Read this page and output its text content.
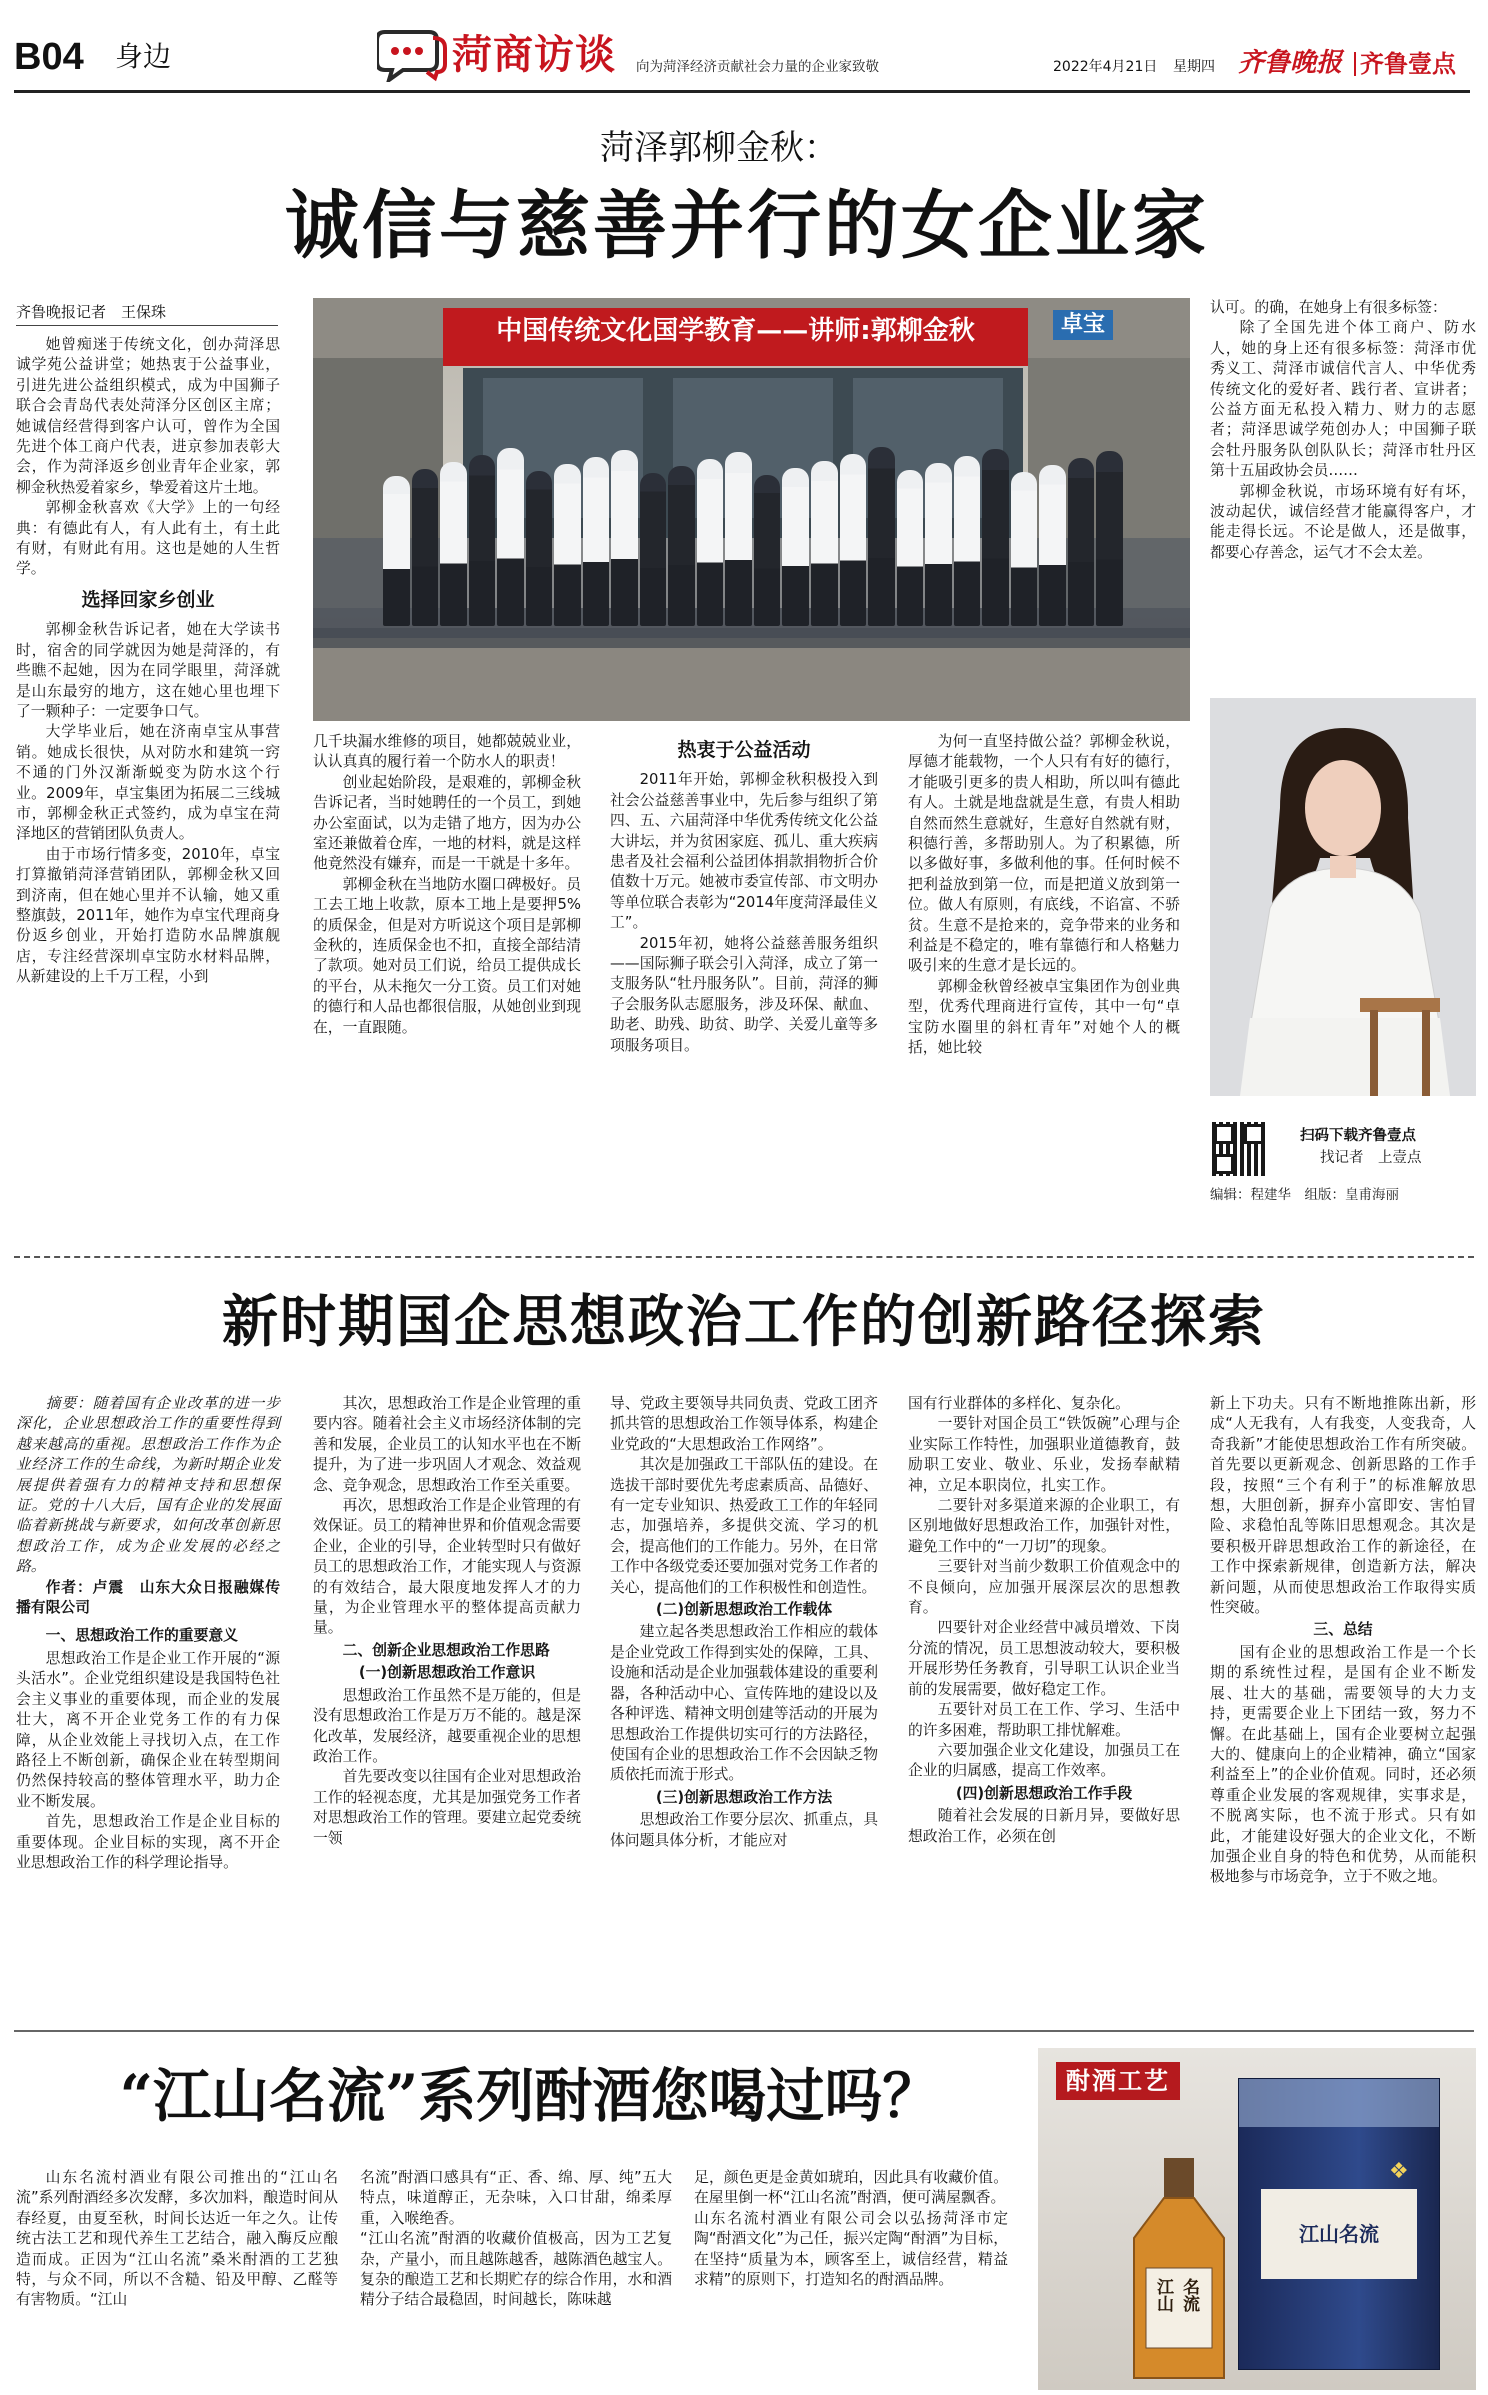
B04 身边	菏商访谈 向为菏泽经济贡献社会力量的企业家致敬	2022年4月21日 星期四 齐鲁晚报 齐鲁壹点
菏泽郭柳金秋：
诚信与慈善并行的女企业家
齐鲁晚报记者　王保珠
中国传统文化国学教育——讲师:郭柳金秋	卓宝

她曾痴迷于传统文化，创办菏泽思诚学苑公益讲堂；她热衷于公益事业，引进先进公益组织模式，成为中国狮子联合会青岛代表处菏泽分区创区主席；她诚信经营得到客户认可，曾作为全国先进个体工商户代表，进京参加表彰大会，作为菏泽返乡创业青年企业家，郭柳金秋热爱着家乡，挚爱着这片土地。

郭柳金秋喜欢《大学》上的一句经典：有德此有人，有人此有土，有土此有财，有财此有用。这也是她的人生哲学。

选择回家乡创业

郭柳金秋告诉记者，她在大学读书时，宿舍的同学就因为她是菏泽的，有些瞧不起她，因为在同学眼里，菏泽就是山东最穷的地方，这在她心里也埋下了一颗种子：一定要争口气。

大学毕业后，她在济南卓宝从事营销。她成长很快，从对防水和建筑一窍不通的门外汉渐渐蜕变为防水这个行业。2009年，卓宝集团为拓展二三线城市，郭柳金秋正式签约，成为卓宝在菏泽地区的营销团队负责人。

由于市场行情多变，2010年，卓宝打算撤销菏泽营销团队，郭柳金秋又回到济南，但在她心里并不认输，她又重整旗鼓，2011年，她作为卓宝代理商身份返乡创业，开始打造防水品牌旗舰店，专注经营深圳卓宝防水材料品牌，从新建设的上千万工程，小到

几千块漏水维修的项目，她都兢兢业业，认认真真的履行着一个防水人的职责！

创业起始阶段，是艰难的，郭柳金秋告诉记者，当时她聘任的一个员工，到她办公室面试，以为走错了地方，因为办公室还兼做着仓库，一地的材料，就是这样他竟然没有嫌弃，而是一干就是十多年。

郭柳金秋在当地防水圈口碑极好。员工去工地上收款，原本工地上是要押5%的质保金，但是对方听说这个项目是郭柳金秋的，连质保金也不扣，直接全部结清了款项。她对员工们说，给员工提供成长的平台，从未拖欠一分工资。员工们对她的德行和人品也都很信服，从她创业到现在，一直跟随。

热衷于公益活动

2011年开始，郭柳金秋积极投入到社会公益慈善事业中，先后参与组织了第四、五、六届菏泽中华优秀传统文化公益大讲坛，并为贫困家庭、孤儿、重大疾病患者及社会福利公益团体捐款捐物折合价值数十万元。她被市委宣传部、市文明办等单位联合表彰为“2014年度菏泽最佳义工”。

2015年初，她将公益慈善服务组织——国际狮子联会引入菏泽，成立了第一支服务队“牡丹服务队”。目前，菏泽的狮子会服务队志愿服务，涉及环保、献血、助老、助残、助贫、助学、关爱儿童等多项服务项目。

为何一直坚持做公益？郭柳金秋说，厚德才能载物，一个人只有有好的德行，才能吸引更多的贵人相助，所以叫有德此有人。土就是地盘就是生意，有贵人相助自然而然生意就好，生意好自然就有财，积德行善，多帮助别人。为了积累德，所以多做好事，多做利他的事。任何时候不把利益放到第一位，而是把道义放到第一位。做人有原则，有底线，不谄富、不骄贫。生意不是抢来的，竞争带来的业务和利益是不稳定的，唯有靠德行和人格魅力吸引来的生意才是长远的。

郭柳金秋曾经被卓宝集团作为创业典型，优秀代理商进行宣传，其中一句“卓宝防水圈里的斜杠青年”对她个人的概括，她比较

认可。的确，在她身上有很多标签：

除了全国先进个体工商户、防水人，她的身上还有很多标签：菏泽市优秀义工、菏泽市诚信代言人、中华优秀传统文化的爱好者、践行者、宣讲者；公益方面无私投入精力、财力的志愿者；菏泽思诚学苑创办人；中国狮子联会牡丹服务队创队队长；菏泽市牡丹区第十五届政协会员……

郭柳金秋说，市场环境有好有坏，波动起伏，诚信经营才能赢得客户，才能走得长远。不论是做人，还是做事，都要心存善念，运气才不会太差。

扫码下载齐鲁壹点
找记者　上壹点
编辑：程建华　组版：皇甫海丽
新时期国企思想政治工作的创新路径探索

摘要：随着国有企业改革的进一步深化，企业思想政治工作的重要性得到越来越高的重视。思想政治工作作为企业经济工作的生命线，为新时期企业发展提供着强有力的精神支持和思想保证。党的十八大后，国有企业的发展面临着新挑战与新要求，如何改革创新思想政治工作，成为企业发展的必经之路。

作者：卢震　山东大众日报融媒传播有限公司

一、思想政治工作的重要意义

思想政治工作是企业工作开展的“源头活水”。企业党组织建设是我国特色社会主义事业的重要体现，而企业的发展壮大，离不开企业党务工作的有力保障，从企业效能上寻找切入点，在工作路径上不断创新，确保企业在转型期间仍然保持较高的整体管理水平，助力企业不断发展。

首先，思想政治工作是企业目标的重要体现。企业目标的实现，离不开企业思想政治工作的科学理论指导。

其次，思想政治工作是企业管理的重要内容。随着社会主义市场经济体制的完善和发展，企业员工的认知水平也在不断提升，为了进一步巩固人才观念、效益观念、竞争观念，思想政治工作至关重要。

再次，思想政治工作是企业管理的有效保证。员工的精神世界和价值观念需要企业，企业的引导，企业转型时只有做好员工的思想政治工作，才能实现人与资源的有效结合，最大限度地发挥人才的力量，为企业管理水平的整体提高贡献力量。

二、创新企业思想政治工作思路
(一)创新思想政治工作意识

思想政治工作虽然不是万能的，但是没有思想政治工作是万万不能的。越是深化改革，发展经济，越要重视企业的思想政治工作。

首先要改变以往国有企业对思想政治工作的轻视态度，尤其是加强党务工作者对思想政治工作的管理。要建立起党委统一领

导、党政主要领导共同负责、党政工团齐抓共管的思想政治工作领导体系，构建企业党政的“大思想政治工作网络”。

其次是加强政工干部队伍的建设。在选拔干部时要优先考虑素质高、品德好、有一定专业知识、热爱政工工作的年轻同志，加强培养，多提供交流、学习的机会，提高他们的工作能力。另外，在日常工作中各级党委还要加强对党务工作者的关心，提高他们的工作积极性和创造性。

(二)创新思想政治工作载体

建立起各类思想政治工作相应的载体是企业党政工作得到实处的保障，工具、设施和活动是企业加强载体建设的重要利器，各种活动中心、宣传阵地的建设以及各种评选、精神文明创建等活动的开展为思想政治工作提供切实可行的方法路径，使国有企业的思想政治工作不会因缺乏物质依托而流于形式。

(三)创新思想政治工作方法

思想政治工作要分层次、抓重点，具体问题具体分析，才能应对

国有行业群体的多样化、复杂化。

一要针对国企员工“铁饭碗”心理与企业实际工作特性，加强职业道德教育，鼓励职工安业、敬业、乐业，发扬奉献精神，立足本职岗位，扎实工作。

二要针对多渠道来源的企业职工，有区别地做好思想政治工作，加强针对性，避免工作中的“一刀切”的现象。

三要针对当前少数职工价值观念中的不良倾向，应加强开展深层次的思想教育。

四要针对企业经营中减员增效、下岗分流的情况，员工思想波动较大，要积极开展形势任务教育，引导职工认识企业当前的发展需要，做好稳定工作。

五要针对员工在工作、学习、生活中的许多困难，帮助职工排忧解难。

六要加强企业文化建设，加强员工在企业的归属感，提高工作效率。

(四)创新思想政治工作手段

随着社会发展的日新月异，要做好思想政治工作，必须在创

新上下功夫。只有不断地推陈出新，形成“人无我有，人有我变，人变我奇，人奇我新”才能使思想政治工作有所突破。首先要以更新观念、创新思路的工作手段，按照“三个有利于”的标准解放思想，大胆创新，摒弃小富即安、害怕冒险、求稳怕乱等陈旧思想观念。其次是要积极开辟思想政治工作的新途径，在工作中探索新规律，创造新方法，解决新问题，从而使思想政治工作取得实质性突破。

三、总结

国有企业的思想政治工作是一个长期的系统性过程，是国有企业不断发展、壮大的基础，需要领导的大力支持，更需要企业上下团结一致，努力不懈。在此基础上，国有企业要树立起强大的、健康向上的企业精神，确立“国家利益至上”的企业价值观。同时，还必须尊重企业发展的客观规律，实事求是，不脱离实际，也不流于形式。只有如此，才能建设好强大的企业文化，不断加强企业自身的特色和优势，从而能积极地参与市场竞争，立于不败之地。

“江山名流”系列酎酒您喝过吗？

山东名流村酒业有限公司推出的“江山名流”系列酎酒经多次发酵，多次加料，酿造时间从春经夏，由夏至秋，时间长达近一年之久。让传统古法工艺和现代养生工艺结合，融入酶反应酿造而成。正因为“江山名流”桑米酎酒的工艺独特，与众不同，所以不含糙、铅及甲醇、乙醛等有害物质。“江山

名流”酎酒口感具有“正、香、绵、厚、纯”五大特点，味道醇正，无杂味，入口甘甜，绵柔厚重，入喉绝香。
“江山名流”酎酒的收藏价值极高，因为工艺复杂，产量小，而且越陈越香，越陈酒色越宝人。复杂的酿造工艺和长期贮存的综合作用，水和酒精分子结合最稳固，时间越长，陈味越

足，颜色更是金黄如琥珀，因此具有收藏价值。在屋里倒一杯“江山名流”酎酒，便可满屋飘香。
山东名流村酒业有限公司会以弘扬菏泽市定陶“酎酒文化”为己任，振兴定陶“酎酒”为目标，在坚持“质量为本，顾客至上，诚信经营，精益求精”的原则下，打造知名的酎酒品牌。

酎酒工艺
江山名流
❖
江山 名流
